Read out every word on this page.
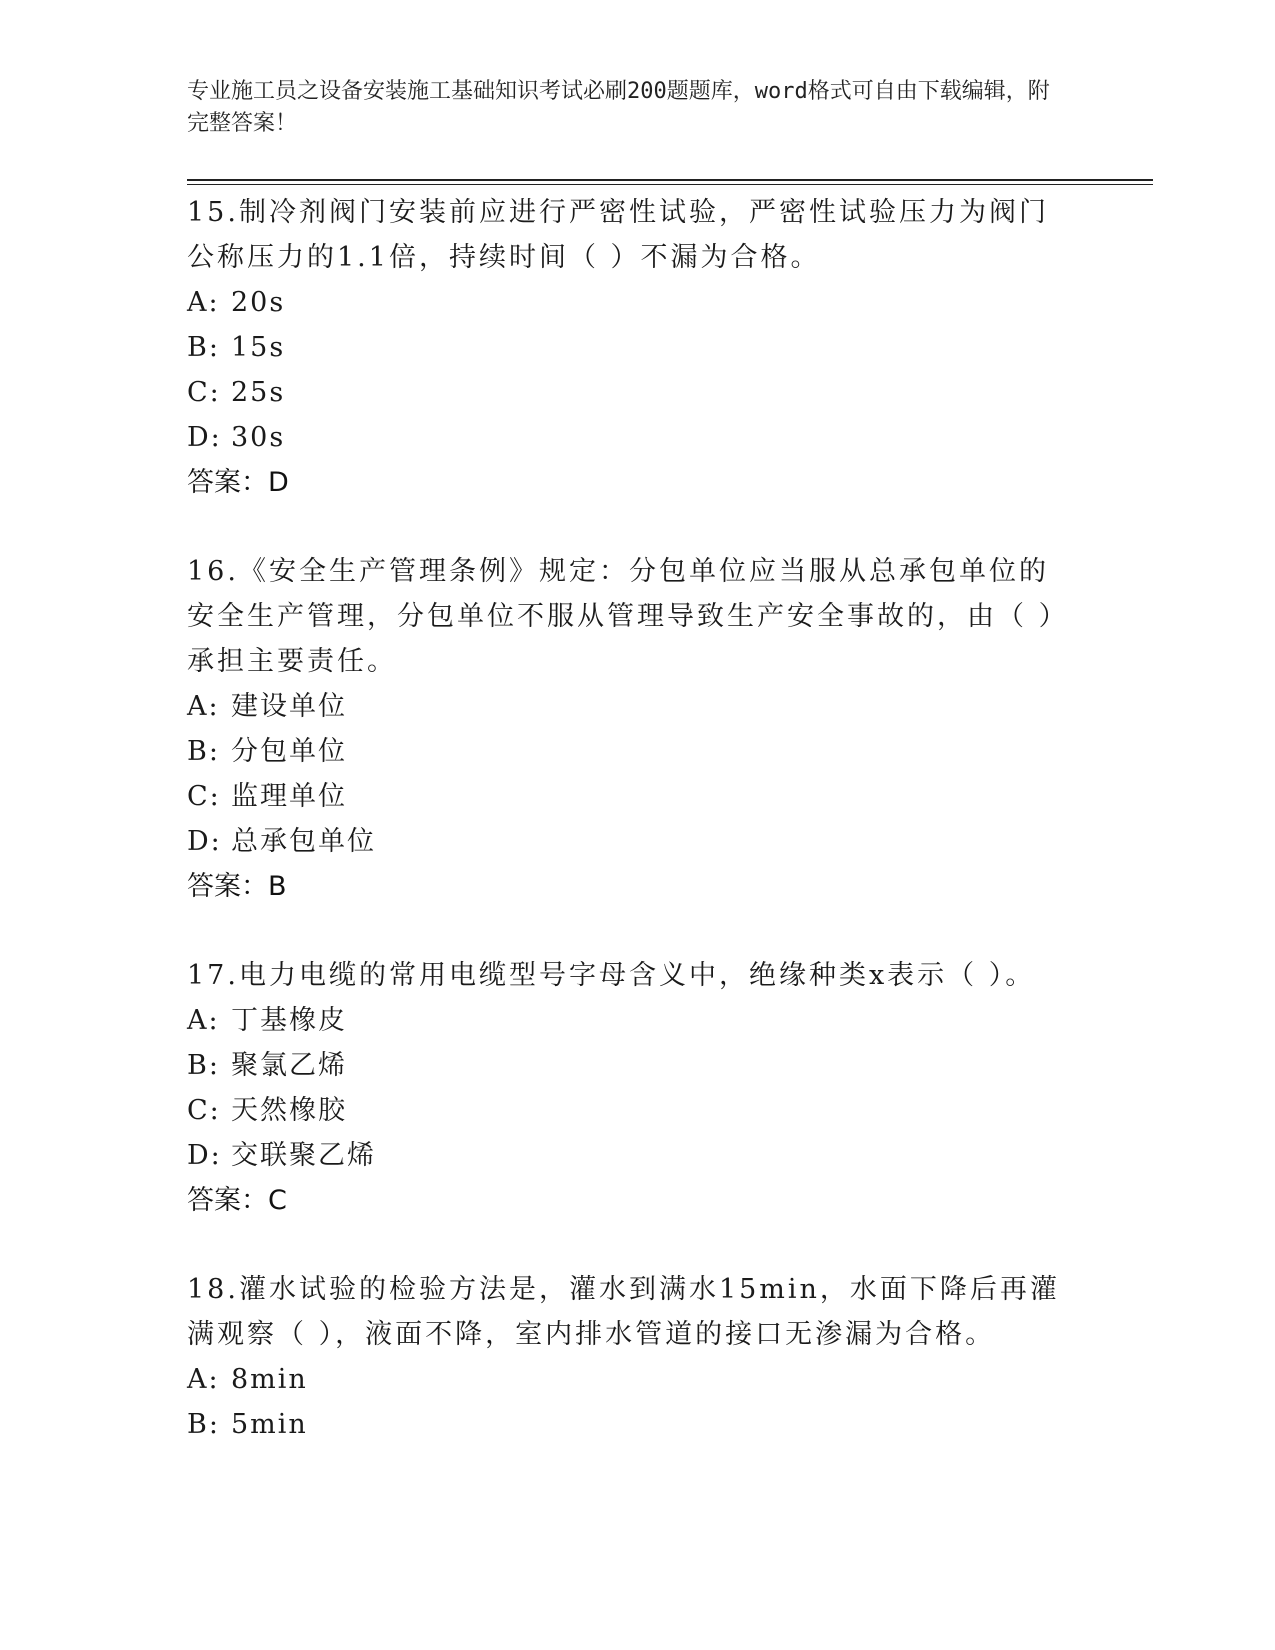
专业施工员之设备安装施工基础知识考试必刷200题题库，word格式可自由下载编辑，附完整答案！

15.制冷剂阀门安装前应进行严密性试验，严密性试验压力为阀门公称压力的1.1倍，持续时间（ ）不漏为合格。

A: 20s
B: 15s
C: 25s
D: 30s
答案：D

16.《安全生产管理条例》规定：分包单位应当服从总承包单位的安全生产管理，分包单位不服从管理导致生产安全事故的，由（ ）承担主要责任。

A: 建设单位
B: 分包单位
C: 监理单位
D: 总承包单位
答案：B

17.电力电缆的常用电缆型号字母含义中，绝缘种类x表示（ ）。

A: 丁基橡皮
B: 聚氯乙烯
C: 天然橡胶
D: 交联聚乙烯
答案：C

18.灌水试验的检验方法是，灌水到满水15min，水面下降后再灌满观察（ ），液面不降，室内排水管道的接口无渗漏为合格。

A: 8min
B: 5min
